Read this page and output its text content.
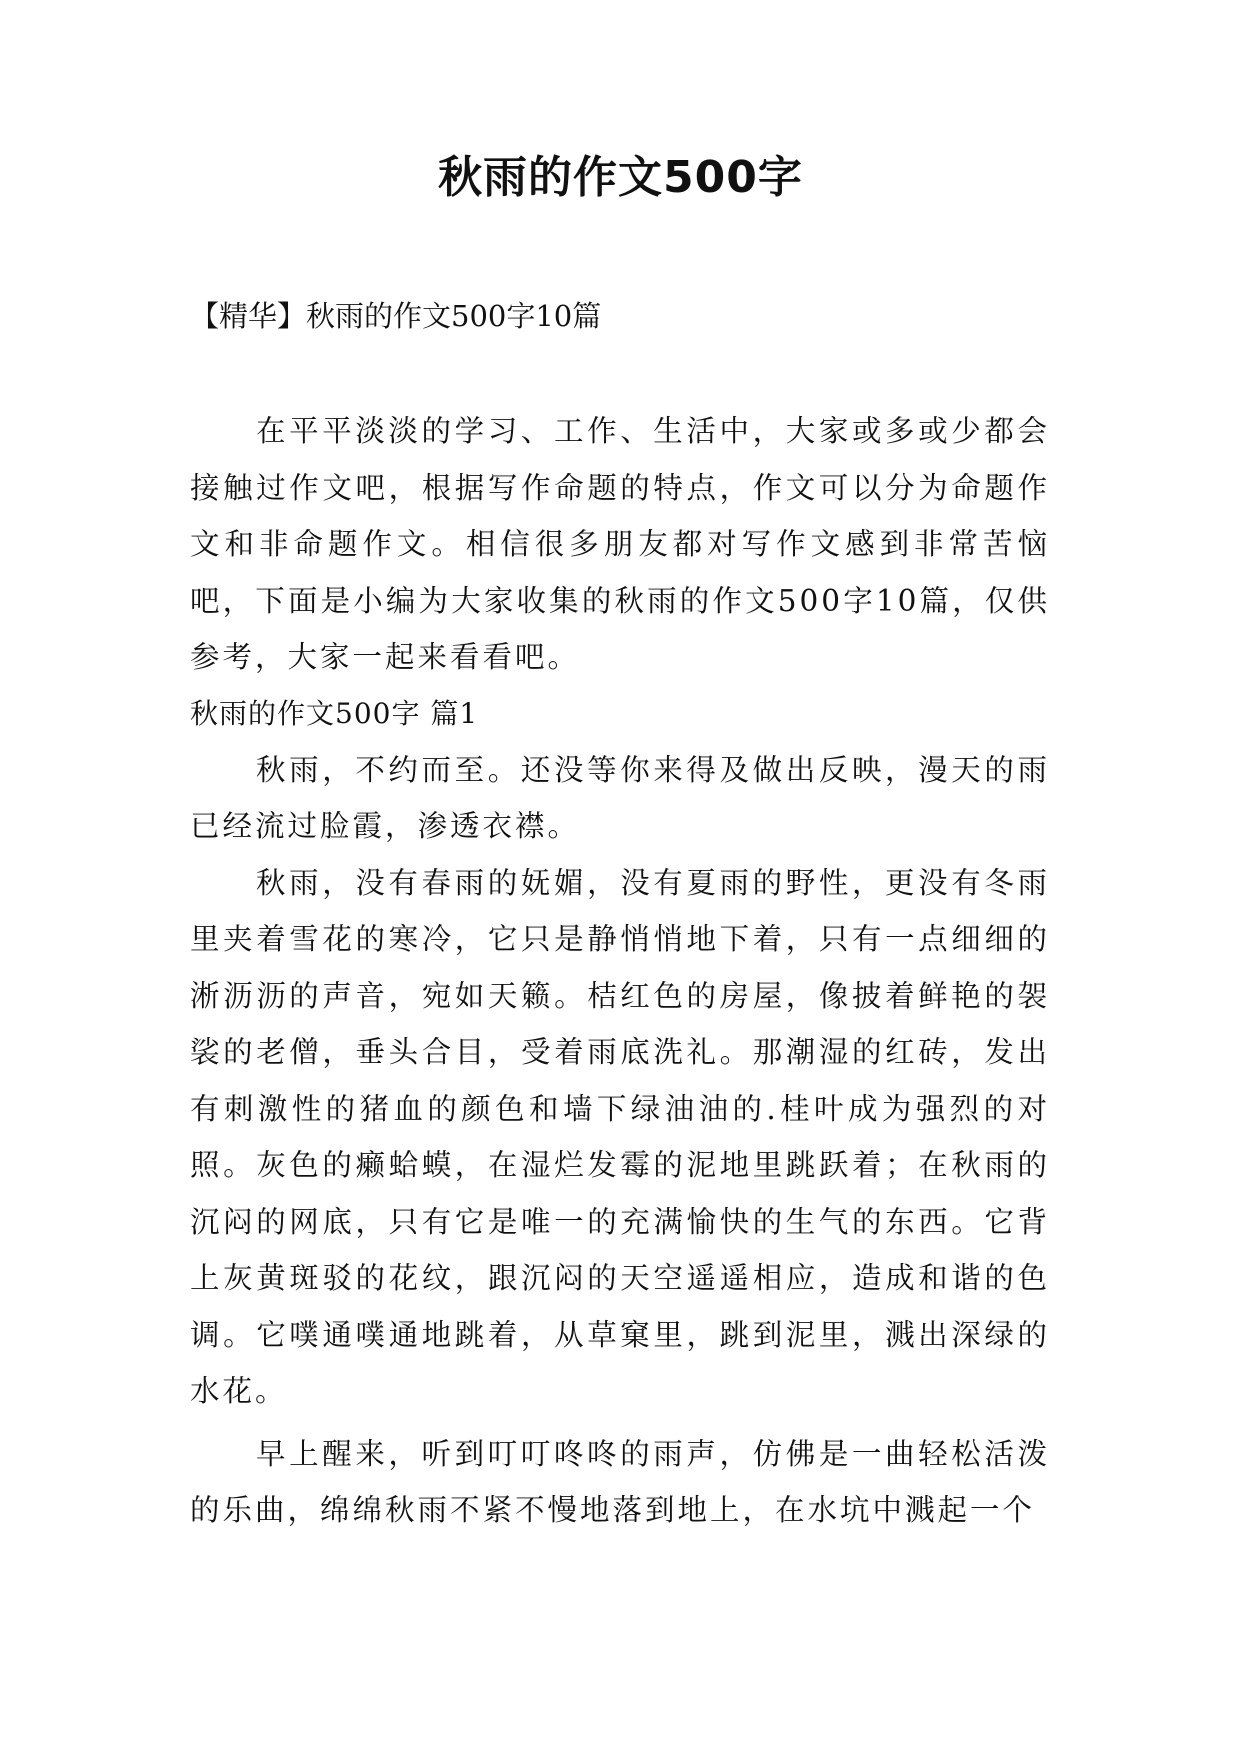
秋雨的作文500字

【精华】秋雨的作文500字10篇

在平平淡淡的学习、工作、生活中，大家或多或少都会接触过作文吧，根据写作命题的特点，作文可以分为命题作文和非命题作文。相信很多朋友都对写作文感到非常苦恼吧，下面是小编为大家收集的秋雨的作文500字10篇，仅供参考，大家一起来看看吧。

秋雨的作文500字 篇1

秋雨，不约而至。还没等你来得及做出反映，漫天的雨已经流过脸霞，渗透衣襟。

秋雨，没有春雨的妩媚，没有夏雨的野性，更没有冬雨里夹着雪花的寒冷，它只是静悄悄地下着，只有一点细细的淅沥沥的声音，宛如天籁。桔红色的房屋，像披着鲜艳的袈裟的老僧，垂头合目，受着雨底洗礼。那潮湿的红砖，发出有刺激性的猪血的颜色和墙下绿油油的.桂叶成为强烈的对照。灰色的癞蛤蟆，在湿烂发霉的泥地里跳跃着；在秋雨的沉闷的网底，只有它是唯一的充满愉快的生气的东西。它背上灰黄斑驳的花纹，跟沉闷的天空遥遥相应，造成和谐的色调。它噗通噗通地跳着，从草窠里，跳到泥里，溅出深绿的水花。

早上醒来，听到叮叮咚咚的雨声，仿佛是一曲轻松活泼的乐曲，绵绵秋雨不紧不慢地落到地上，在水坑中溅起一个
